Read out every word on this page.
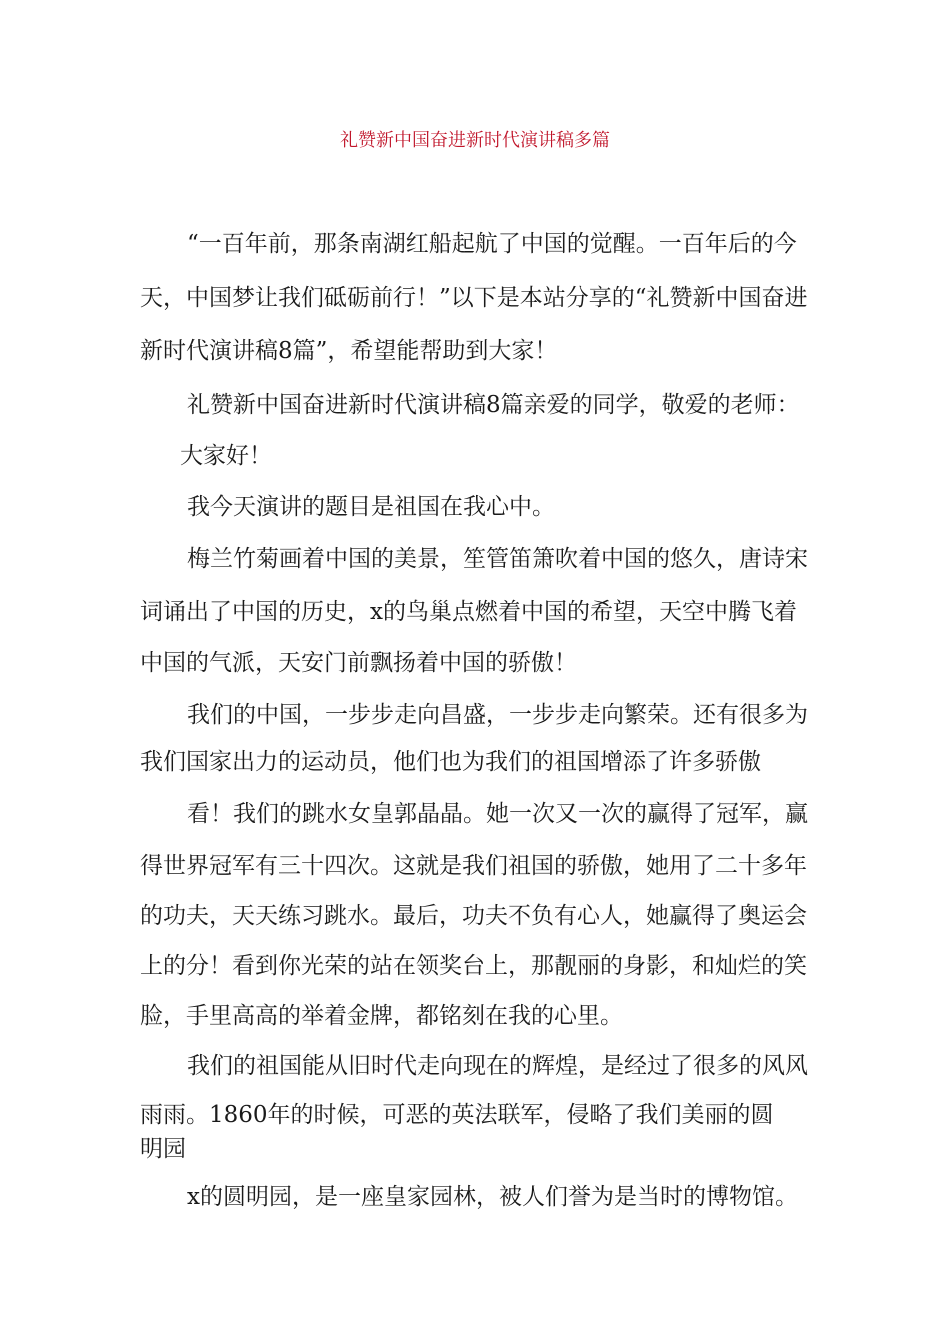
礼赞新中国奋进新时代演讲稿多篇
“一百年前，那条南湖红船起航了中国的觉醒。一百年后的今
天，中国梦让我们砥砺前行！”以下是本站分享的“礼赞新中国奋进
新时代演讲稿8篇”，希望能帮助到大家！
礼赞新中国奋进新时代演讲稿8篇亲爱的同学，敬爱的老师：
大家好！
我今天演讲的题目是祖国在我心中。
梅兰竹菊画着中国的美景，笙管笛箫吹着中国的悠久，唐诗宋
词诵出了中国的历史，x的鸟巢点燃着中国的希望，天空中腾飞着
中国的气派，天安门前飘扬着中国的骄傲！
我们的中国，一步步走向昌盛，一步步走向繁荣。还有很多为
我们国家出力的运动员，他们也为我们的祖国增添了许多骄傲
看！我们的跳水女皇郭晶晶。她一次又一次的赢得了冠军，赢
得世界冠军有三十四次。这就是我们祖国的骄傲，她用了二十多年
的功夫，天天练习跳水。最后，功夫不负有心人，她赢得了奥运会
上的分！看到你光荣的站在领奖台上，那靓丽的身影，和灿烂的笑
脸，手里高高的举着金牌，都铭刻在我的心里。
我们的祖国能从旧时代走向现在的辉煌，是经过了很多的风风
雨雨。1860年的时候，可恶的英法联军，侵略了我们美丽的圆
明园
x的圆明园，是一座皇家园林，被人们誉为是当时的博物馆。
